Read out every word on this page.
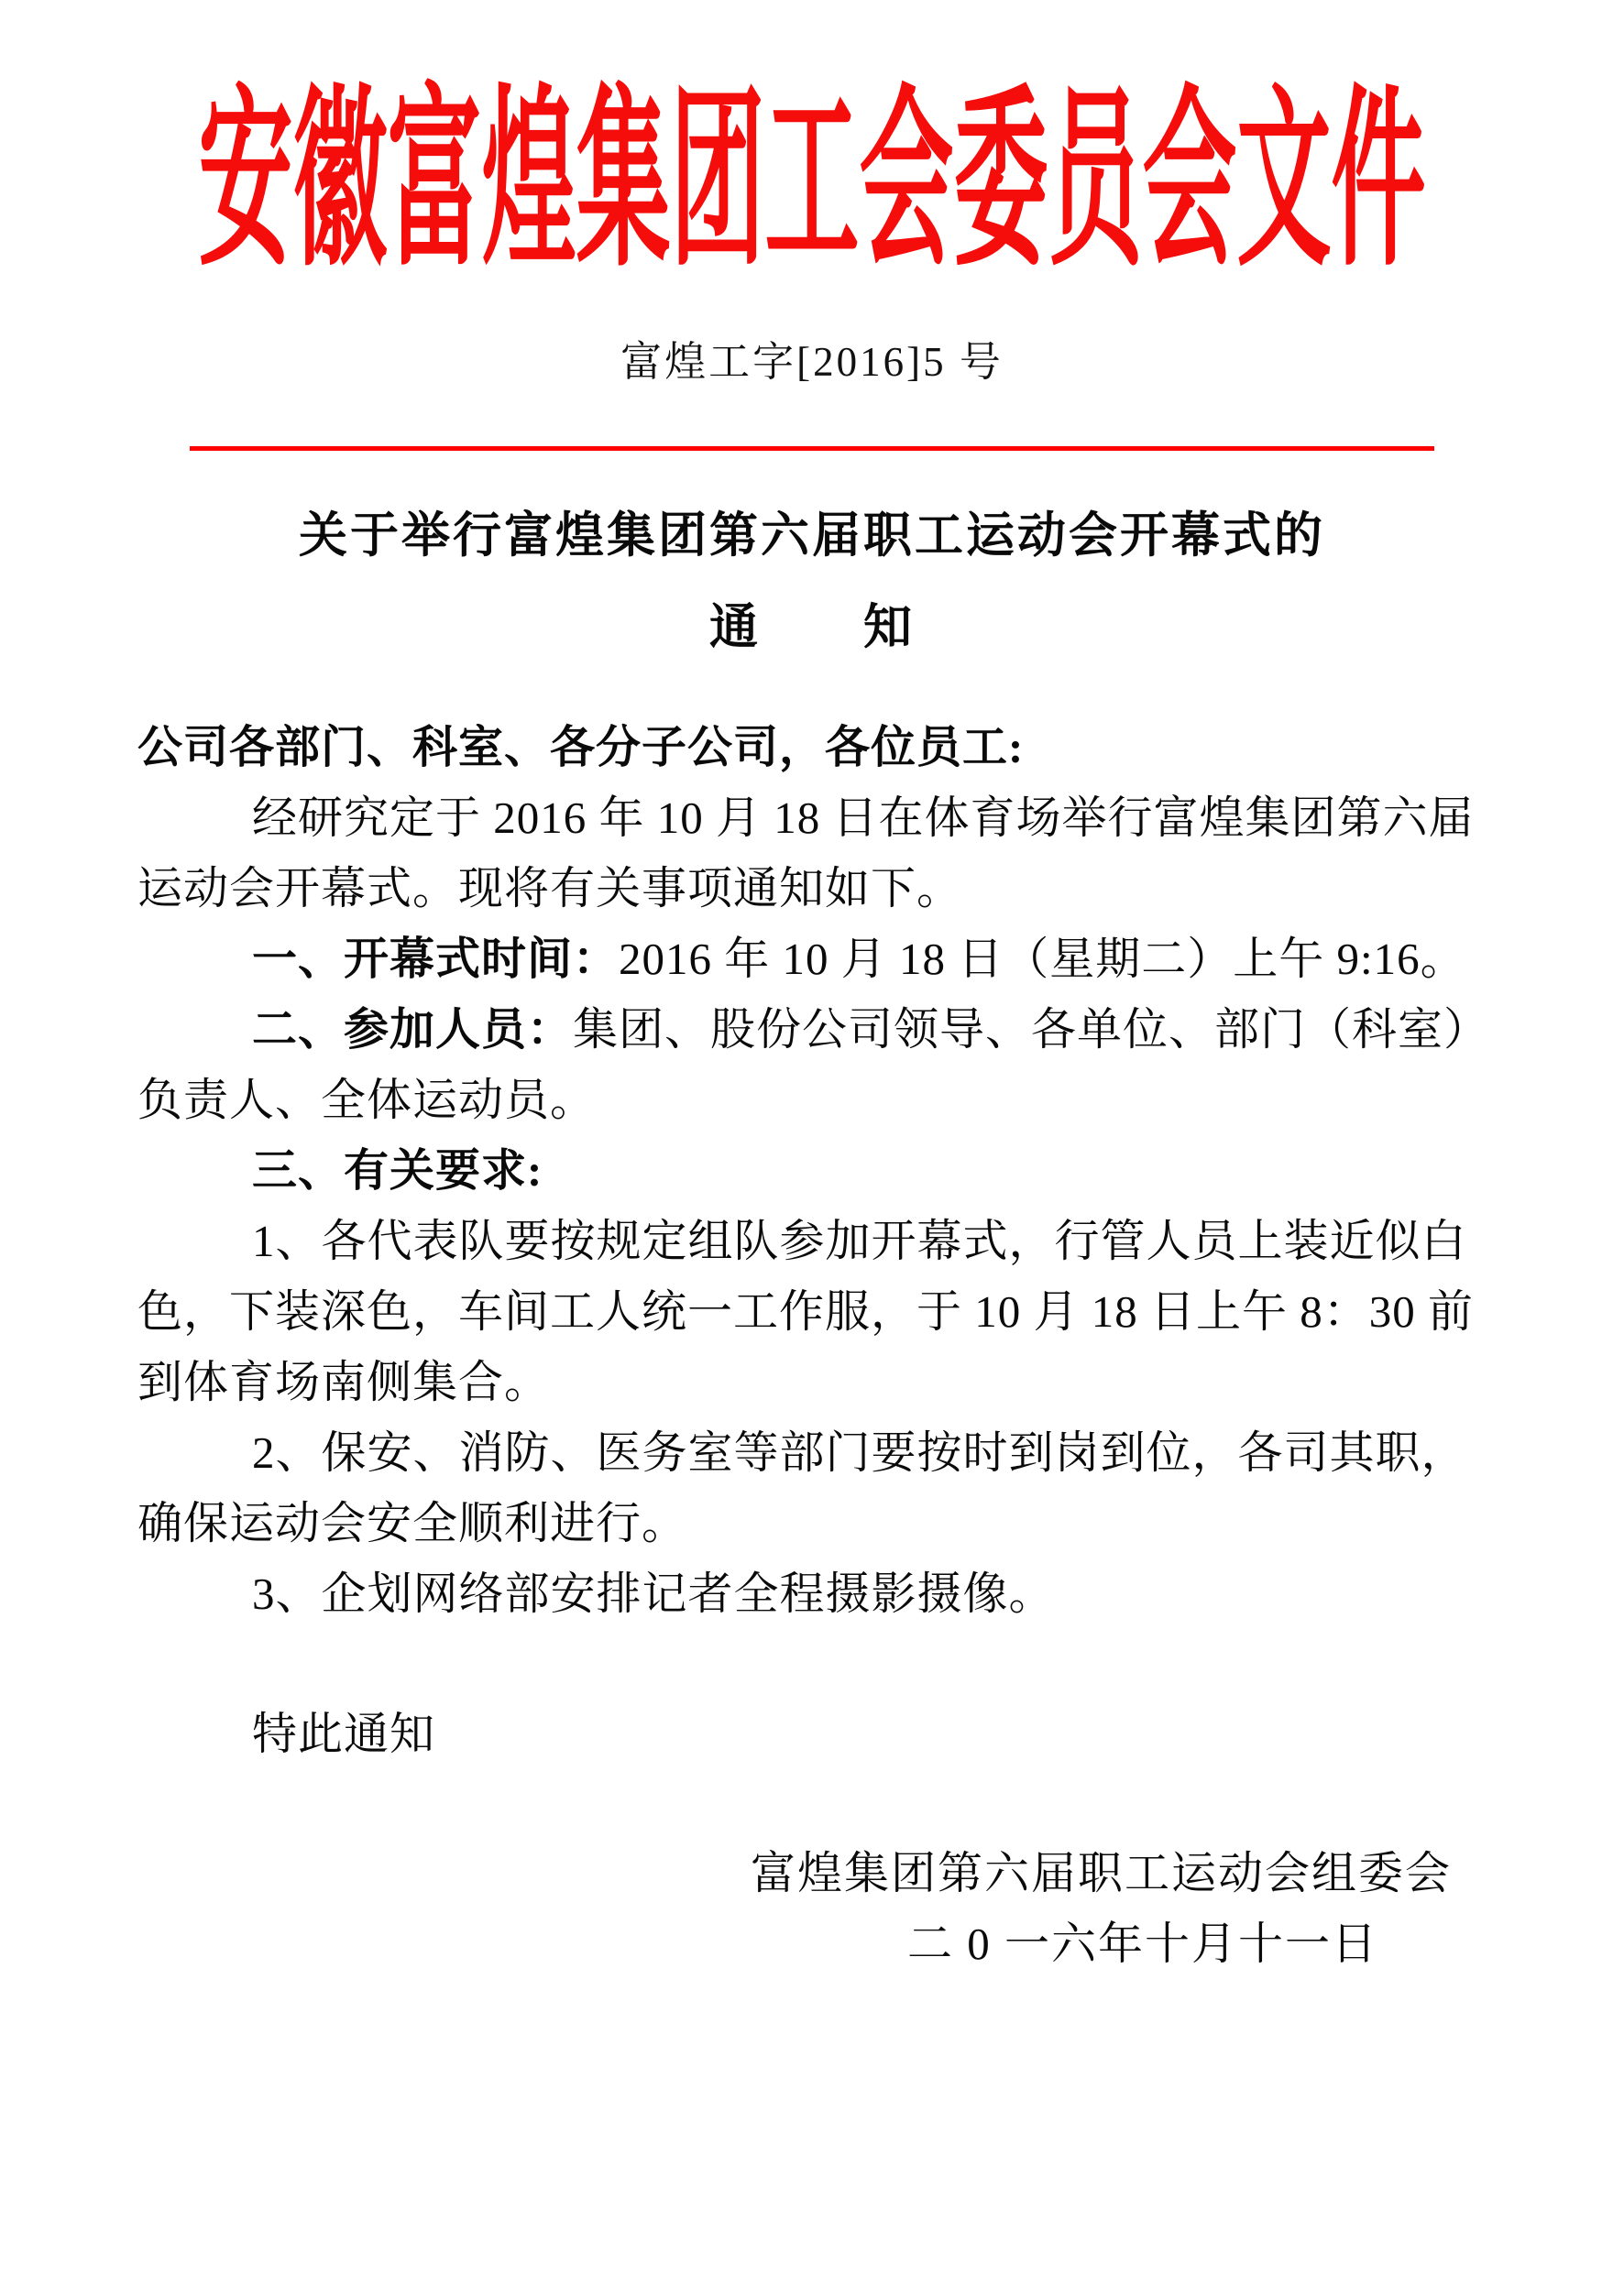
安徽富煌集团工会委员会文件
富煌工字[2016]5 号
关于举行富煌集团第六届职工运动会开幕式的
通　　知
公司各部门、科室、各分子公司，各位员工:
经研究定于 2016 年 10 月 18 日在体育场举行富煌集团第六届
运动会开幕式。现将有关事项通知如下。
一、开幕式时间：2016 年 10 月 18 日（星期二）上午 9:16。
二、参加人员：集团、股份公司领导、各单位、部门（科室）
负责人、全体运动员。
三、有关要求:
1、各代表队要按规定组队参加开幕式，行管人员上装近似白
色，下装深色，车间工人统一工作服，于 10 月 18 日上午 8：30 前
到体育场南侧集合。
2、保安、消防、医务室等部门要按时到岗到位，各司其职，
确保运动会安全顺利进行。
3、企划网络部安排记者全程摄影摄像。
特此通知
富煌集团第六届职工运动会组委会
二 0 一六年十月十一日
